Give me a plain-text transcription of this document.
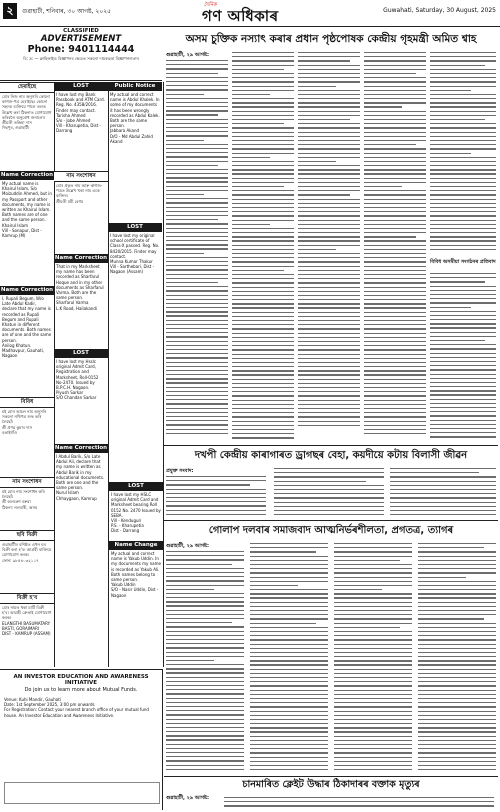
২	গুৱাহাটী, শনিবাৰ, ৩০ আগষ্ট, ২০২৫
দৈনিক
গণ অধিকাৰ	Guwahati, Saturday, 30 August, 2025
CLASSIFIED
ADVERTISEMENT
Phone: 9401114444
বি: দ্ৰ: — ক্লাছিফাইড বিজ্ঞাপনৰ ক্ষেত্ৰত সকলো দায়বদ্ধতা বিজ্ঞাপনদাতাৰ
হেৰাইছে
মোৰ নিজ নাম অনুসৰি কোনো কাগজ-পত্ৰ হেৰাইছে। কোনো সহৃদয় ব্যক্তিয়ে পালে তলত উল্লেখ কৰা ঠিকনাত যোগাযোগ কৰিবলৈ অনুৰোধ জনালো।
শ্ৰীমতী তন্দ্ৰিমা দাস
দিছপুৰ, গুৱাহাটী
Name Correction
My actual name is Khairul Islam, S/o Moizuddin Ahmed, but in my Passport and other documents, my name is written as Khairul Islam. Both names are of one and the same person.
Khairul Islam
Vill - Sonapur, Dist - Kamrup (M)
Name Correction
I, Rupali Begum, W/o Late Abdul Kadir, declare that my name is recorded as Rupali Begum and Rupali Khatun in different documents. Both names are of one and the same person.
Anilog Khatun.
Madhavpur, Gauhati, Nagaon
বিবিধ
মই মোৰ আচল নাম অনুসৰি সকলো নথিপত্ৰ শুদ্ধ কৰি লৈছোঁ।
শ্ৰী প্ৰণৱ কুমাৰ দাস
বঙাইগাঁও
LOST
I have lost my Bank Passbook and ATM Card. Reg. No. 4358/2016. Finder may contact.
Tarisha Ahmed
S/o - Jobe Ahmed
Vill - Kharupetia, Dist - Darrang
নাম সংশোধন
মোৰ প্ৰকৃত নাম আৰু কাগজ-পত্ৰত উল্লেখ থকা নাম একে ব্যক্তিৰ।
শ্ৰীমতী মমী বেগম
Name Correction
That in my Marksheet my name has been recorded as Sharfarul Hoque and in my other documents as Sharfarul Varma. Both are the same person.
Sharfarul Varma
L.K Road, Hailakandi
LOST
I have lost my Hsslc original Admit Card, Registration and Marksheet, Roll-0152 No-2470. Issued by B.P.C.H. Nagaon.
Piyush Sarkar
S/O Chandan Sarkar
Name Correction
I Abdul Barik, S/o Late Abdul Ali, declare that my name is written as Abdul Barik in my educational documents. Both are one and the same person.
Nurul Islam
Chhaygaon, Kamrup
নাম সংশোধন
মই মোৰ নাম সংশোধন কৰি লৈছোঁ।
শ্ৰী অলকেশ বৰুৱা
ঠিকনা: নলবাৰী, অসম
ছবি বিক্ৰী
গুৱাহাটীৰ বশিষ্ঠত এখন ঘৰ বিক্ৰী কৰা হ'ব। আগ্ৰহী ব্যক্তিয়ে যোগাযোগ কৰক।
ফোন: ৯৮৫৪০৩২১১৭
বিক্ৰী হ'ব
মোৰ নামত থকা মাটি বিক্ৰী হ'ব। আগ্ৰহী ক্ৰেতাই যোগাযোগ কৰক।
ELANGTHI BASUMATARY
BASTI, GORAIMARI
DIST - KAMRUP (ASSAM)
LOST
I have lost my HSLC original Admit Card and Marksheet bearing Roll 0152 No. 2470 Issued by SEBA.
Vill - Kenduguri
P.S. - Kharupetia
Dist - Darrang
Name Change
My actual and correct name is Yakub Uddin. In my documents my name is recorded as Yakub Ali. Both names belong to same person.
Yakub Uddin
S/O - Nasir Uddin, Dist - Nagaon
Public Notice
My actual and correct name is Abdul Khalek. In some of my documents it has been wrongly recorded as Abdul Kalek. Both are the same person.
Jabbara Akand
D/O - Md Abdul Zahid Akand
LOST
I have lost my original school certificate of Class-X passed. Reg. No. 8420/2015. Finder may contact.
Munna Kumar Thakur
Vill - Sarthebari, Dist - Nagaon (Assam)
AN INVESTOR EDUCATION AND AWARENESS INITIATIVE
Do join us to learn more about Mutual Funds.
Venue: Kuhi Mandir, Gauhati
Date: 1st September 2025, 3:00 pm onwards
For Registration: Contact your nearest branch office of your mutual fund house. An Investor Education and Awareness Initiative.
অসম চুক্তিক নস্যাৎ কৰাৰ প্ৰধান পৃষ্ঠপোষক কেন্দ্ৰীয় গৃহমন্ত্ৰী অমিত শ্বাহ
গুৱাহাটী, ২৯ আগষ্ট:
বিবিধ অসমীয়া সংগঠনৰ প্ৰতিবাদ
দখপী কেন্দ্ৰীয় কাৰাগাৰত ড্ৰাগছৰ বেহা, কয়দীয়ে কটায় বিলাসী জীৱন
প্ৰযুক্ত সংবাদ:
গোলাপ দলবাৰ সমাজবাদ আত্মনিৰ্ভৰশীলতা, প্ৰগতত্ৰ, ত্যাগৰ
গুৱাহাটী, ২৯ আগষ্ট:
চানমাৰিত ক্লেইট উদ্ধাৰ ঠিকাদাৰৰ বক্তাক মৃত্যুৰ
গুৱাহাটী, ২৯ আগষ্ট:
